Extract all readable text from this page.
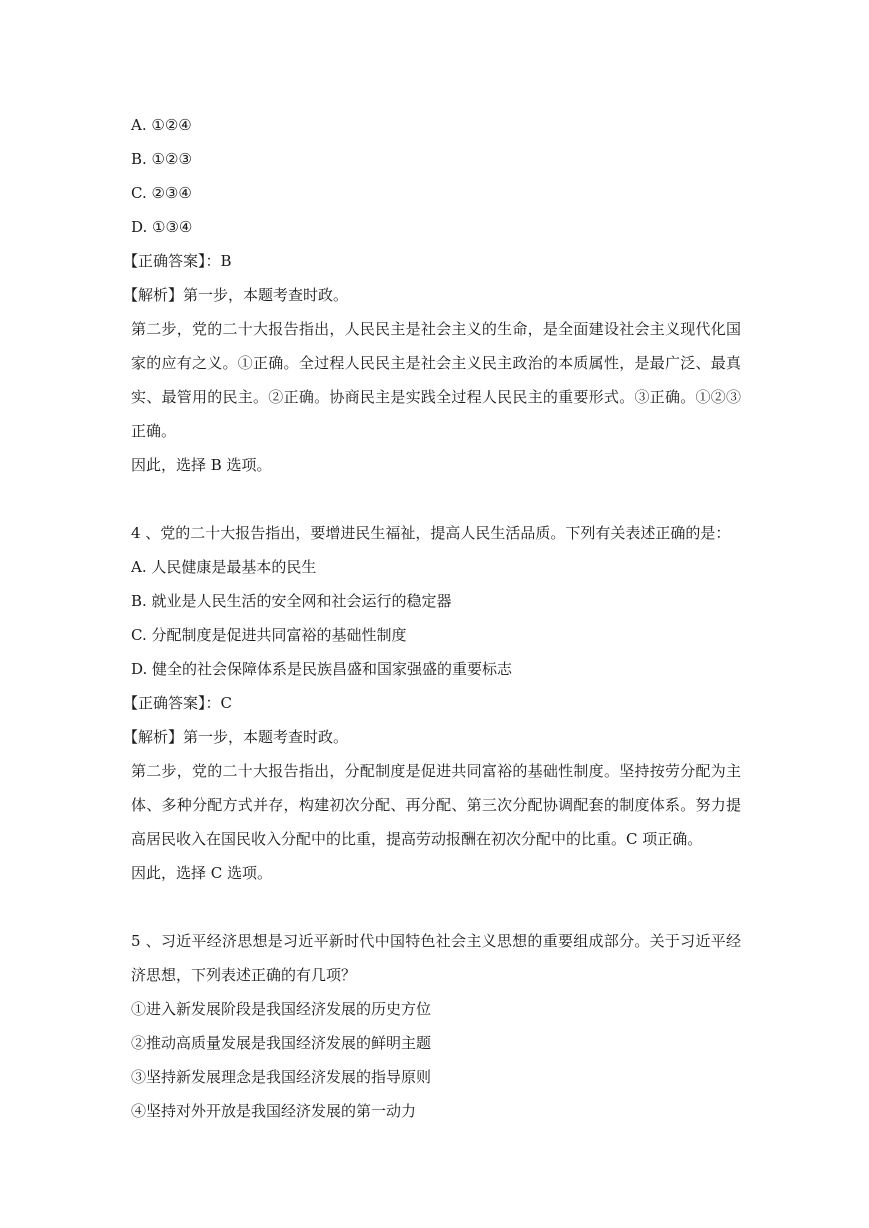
A. ①②④
B. ①②③
C. ②③④
D. ①③④
【正确答案】：B
【解析】第一步，本题考查时政。
第二步，党的二十大报告指出，人民民主是社会主义的生命，是全面建设社会主义现代化国家的应有之义。①正确。全过程人民民主是社会主义民主政治的本质属性，是最广泛、最真实、最管用的民主。②正确。协商民主是实践全过程人民民主的重要形式。③正确。①②③正确。
因此，选择 B 选项。
4 、党的二十大报告指出，要增进民生福祉，提高人民生活品质。下列有关表述正确的是：
A. 人民健康是最基本的民生
B. 就业是人民生活的安全网和社会运行的稳定器
C. 分配制度是促进共同富裕的基础性制度
D. 健全的社会保障体系是民族昌盛和国家强盛的重要标志
【正确答案】：C
【解析】第一步，本题考查时政。
第二步，党的二十大报告指出，分配制度是促进共同富裕的基础性制度。坚持按劳分配为主体、多种分配方式并存，构建初次分配、再分配、第三次分配协调配套的制度体系。努力提高居民收入在国民收入分配中的比重，提高劳动报酬在初次分配中的比重。C 项正确。
因此，选择 C 选项。
5 、习近平经济思想是习近平新时代中国特色社会主义思想的重要组成部分。关于习近平经济思想，下列表述正确的有几项？
①进入新发展阶段是我国经济发展的历史方位
②推动高质量发展是我国经济发展的鲜明主题
③坚持新发展理念是我国经济发展的指导原则
④坚持对外开放是我国经济发展的第一动力
